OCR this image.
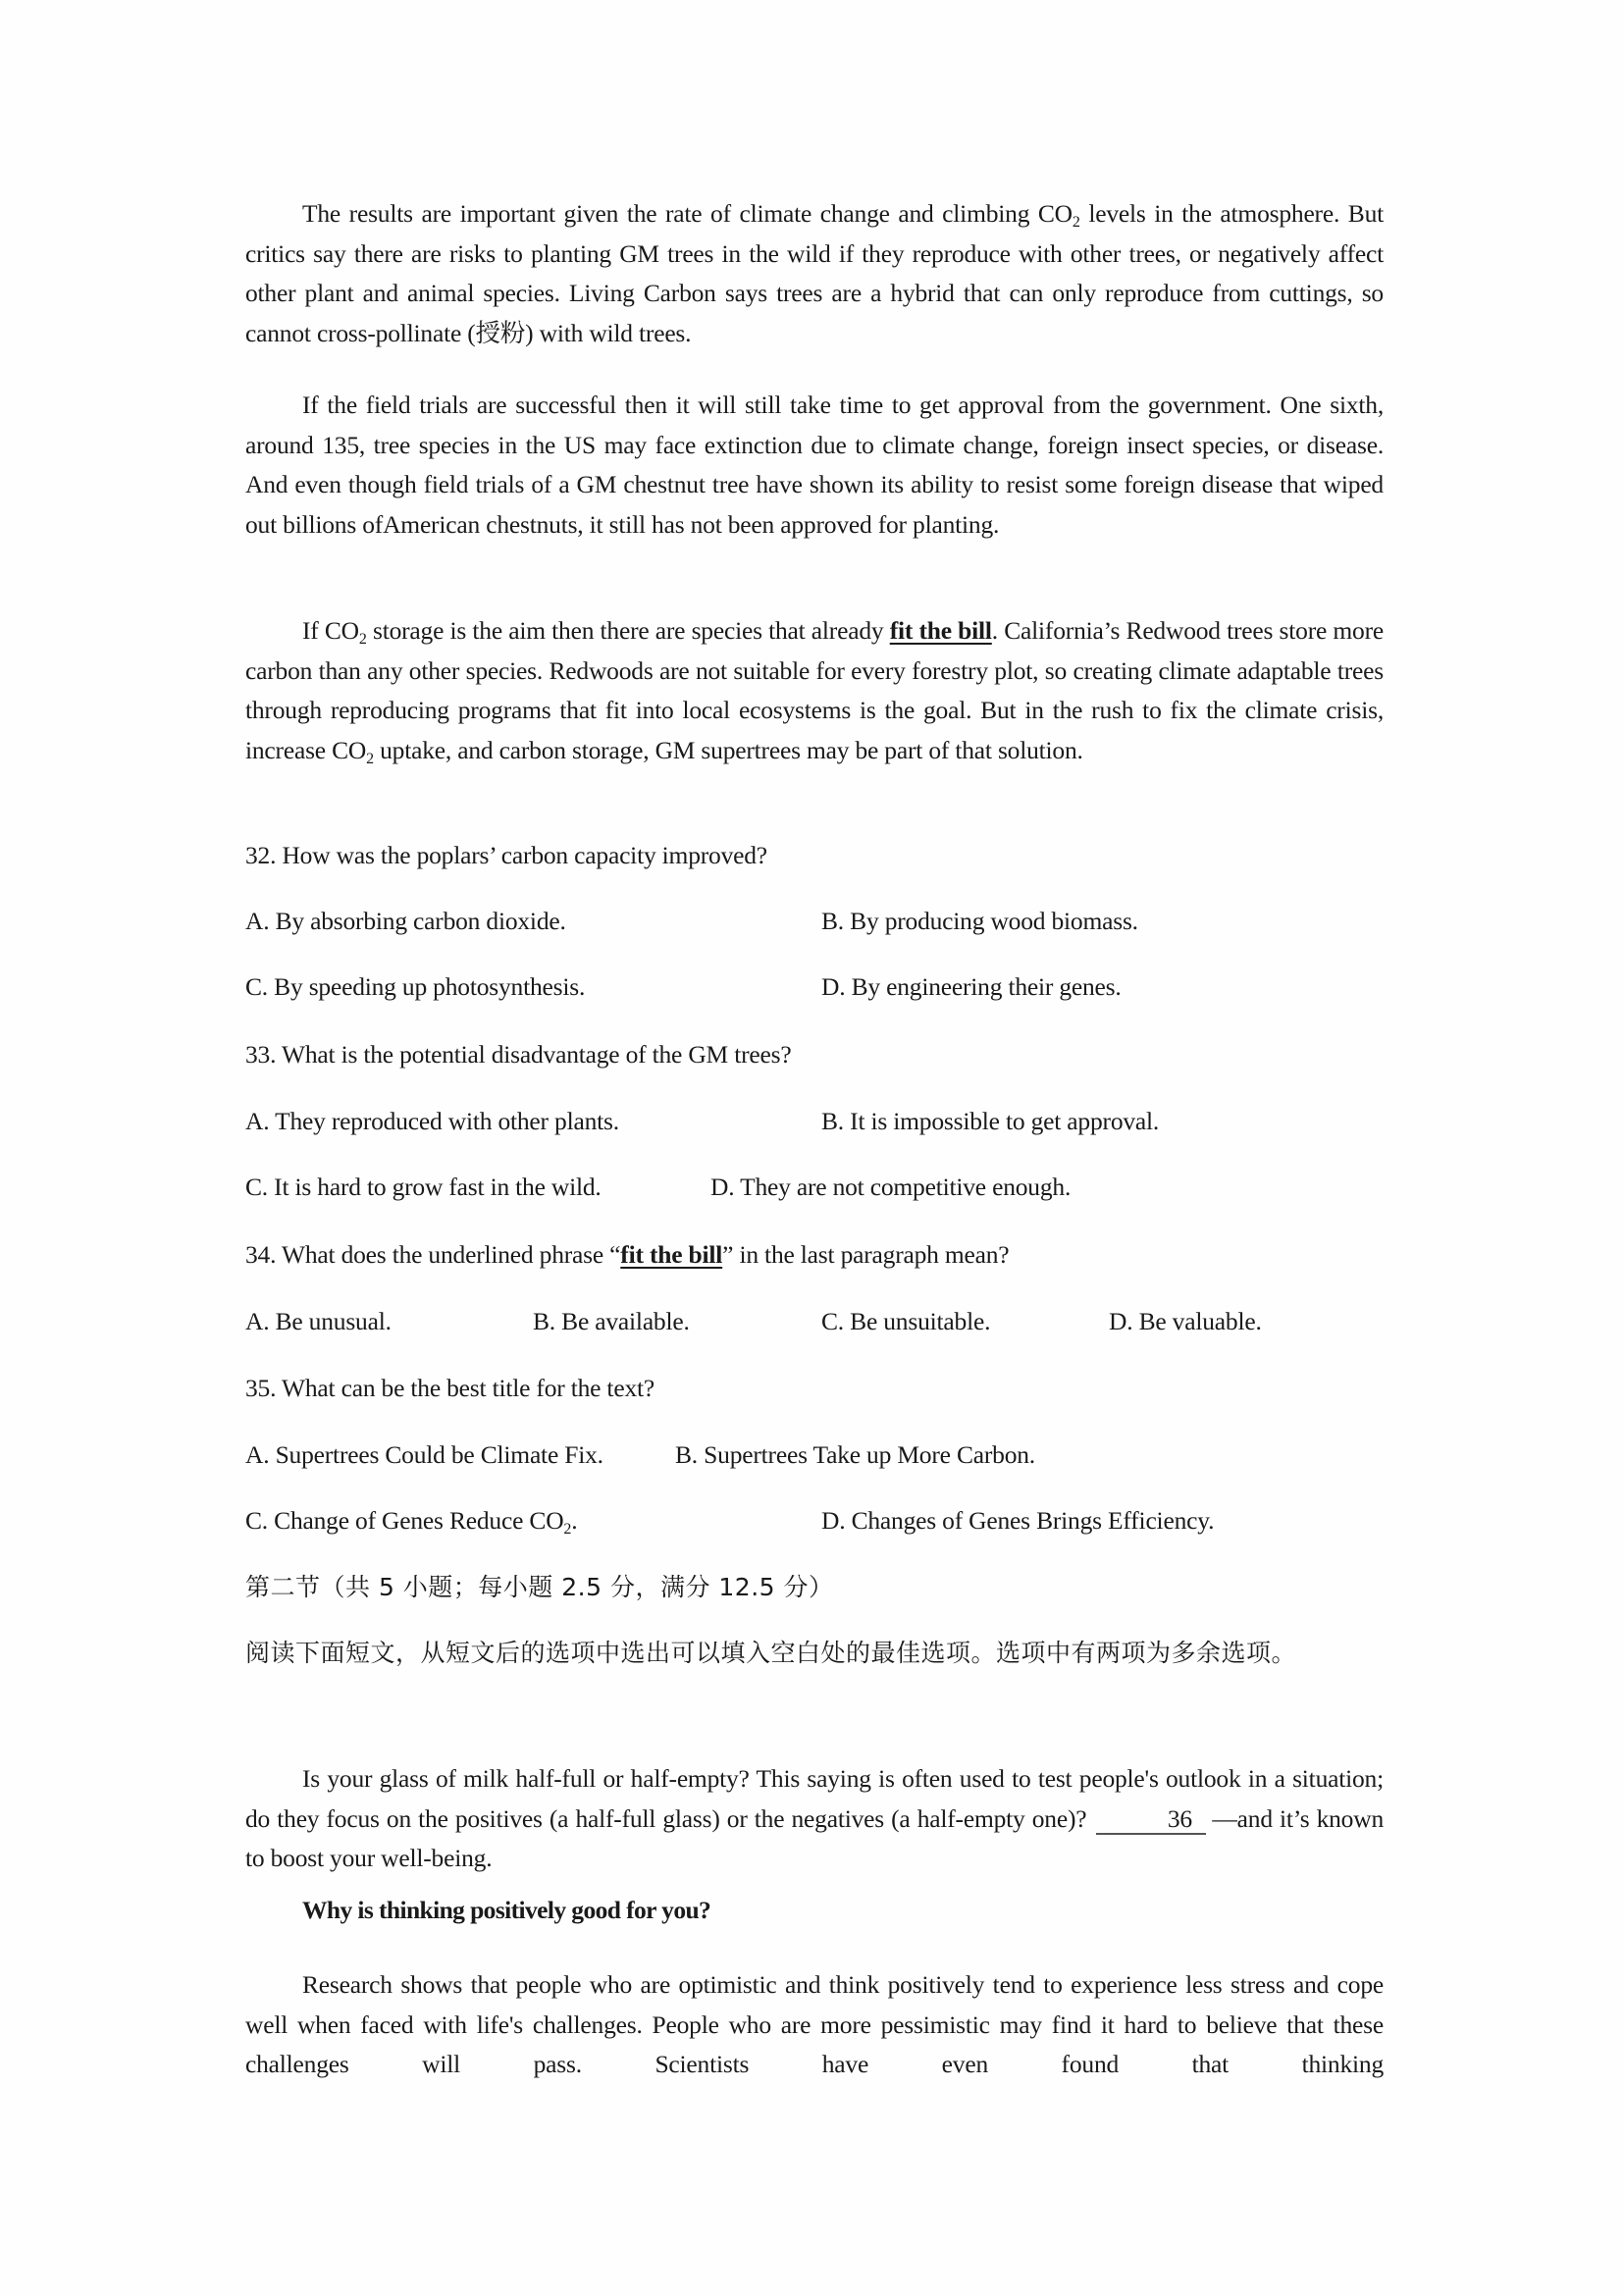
The results are important given the rate of climate change and climbing $CO_2$ levels in the atmosphere. But critics say there are risks to planting GM trees in the wild if they reproduce with other trees, or negatively affect other plant and animal species. Living Carbon says trees are a hybrid that can only reproduce from cuttings, so cannot cross-pollinate (授粉) with wild trees.

If the field trials are successful then it will still take time to get approval from the government. One sixth, around 135, tree species in the US may face extinction due to climate change, foreign insect species, or disease. And even though field trials of a GM chestnut tree have shown its ability to resist some foreign disease that wiped out billions ofAmerican chestnuts, it still has not been approved for planting.

If $CO_2$ storage is the aim then there are species that already fit the bill. California’s Redwood trees store more carbon than any other species. Redwoods are not suitable for every forestry plot, so creating climate adaptable trees through reproducing programs that fit into local ecosystems is the goal. But in the rush to fix the climate crisis, increase $CO_2$ uptake, and carbon storage, GM supertrees may be part of that solution.

32. How was the poplars’ carbon capacity improved?

A. By absorbing carbon dioxide.	B. By producing wood biomass.
C. By speeding up photosynthesis.	D. By engineering their genes.

33. What is the potential disadvantage of the GM trees?

A. They reproduced with other plants.	B. It is impossible to get approval.
C. It is hard to grow fast in the wild.	D. They are not competitive enough.

34. What does the underlined phrase “fit the bill” in the last paragraph mean?

A. Be unusual.	B. Be available.	C. Be unsuitable.	D. Be valuable.

35. What can be the best title for the text?

A. Supertrees Could be Climate Fix.	B. Supertrees Take up More Carbon.
C. Change of Genes Reduce $CO_2$.	D. Changes of Genes Brings Efficiency.

第二节（共 5 小题；每小题 2.5 分，满分 12.5 分）

阅读下面短文，从短文后的选项中选出可以填入空白处的最佳选项。选项中有两项为多余选项。

Is your glass of milk half-full or half-empty? This saying is often used to test people's outlook in a situation; do they focus on the positives (a half-full glass) or the negatives (a half-empty one)?	36 —and it’s known to boost your well-being.

Why is thinking positively good for you?

Research shows that people who are optimistic and think positively tend to experience less stress and cope well when faced with life's challenges. People who are more pessimistic may find it hard to believe that these challenges will pass. Scientists have even found that thinking
